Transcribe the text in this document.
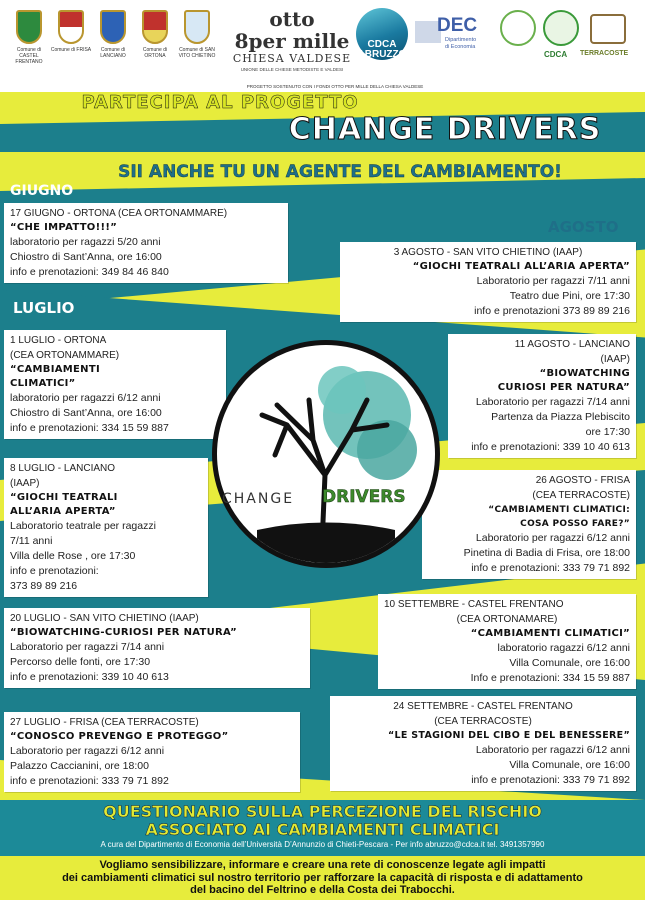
Comune di CASTEL FRENTANO
Comune di FRISA	Comune di LANCIANO
Comune di ORTONA
Comune di SAN VITO CHIETINO
otto
8per mille
CHIESA VALDESE
UNIONE DELLE CHIESE METODISTE E VALDESI
CDCA ABRUZZO
DEC
Dipartimento
di Economia
CDCA TERRACOSTE
PROGETTO SOSTENUTO CON I FONDI OTTO PER MILLE DELLA CHIESA VALDESE
PARTECIPA AL PROGETTO
CHANGE DRIVERS
SII ANCHE TU UN AGENTE DEL CAMBIAMENTO!
GIUGNO
LUGLIO
AGOSTO
17 GIUGNO - ORTONA (CEA ORTONAMMARE)
“CHE IMPATTO!!!”
laboratorio per ragazzi 5/20 anni
Chiostro di Sant’Anna, ore 16:00
info e prenotazioni: 349 84 46 840
1 LUGLIO - ORTONA
(CEA ORTONAMMARE)
“CAMBIAMENTI
CLIMATICI”
laboratorio per ragazzi 6/12 anni
Chiostro di Sant’Anna, ore 16:00
info e prenotazioni: 334 15 59 887
8 LUGLIO - LANCIANO
(IAAP)
“GIOCHI TEATRALI
ALL’ARIA APERTA”
Laboratorio teatrale per ragazzi
7/11 anni
Villa delle Rose , ore 17:30
info e prenotazioni:
373 89 89 216
20 LUGLIO - SAN VITO CHIETINO (IAAP)
“BIOWATCHING-CURIOSI PER NATURA”
Laboratorio per ragazzi 7/14 anni
Percorso delle fonti, ore 17:30
info e prenotazioni: 339 10 40 613
27 LUGLIO - FRISA (CEA TERRACOSTE)
“CONOSCO PREVENGO E PROTEGGO”
Laboratorio per ragazzi 6/12 anni
Palazzo Caccianini, ore 18:00
info e prenotazioni: 333 79 71 892
3 AGOSTO - SAN VITO CHIETINO (IAAP)
“GIOCHI TEATRALI ALL’ARIA APERTA”
Laboratorio per ragazzi 7/11 anni
Teatro due Pini, ore 17:30
info e prenotazioni 373 89 89 216
11 AGOSTO - LANCIANO
(IAAP)
“BIOWATCHING
CURIOSI PER NATURA”
Laboratorio per ragazzi 7/14 anni
Partenza da Piazza Plebiscito
ore 17:30
info e prenotazioni: 339 10 40 613
26 AGOSTO - FRISA
(CEA TERRACOSTE)
“CAMBIAMENTI CLIMATICI:
COSA POSSO FARE?”
Laboratorio per ragazzi 6/12 anni
Pinetina di Badia di Frisa, ore 18:00
info e prenotazioni: 333 79 71 892
10 SETTEMBRE - CASTEL FRENTANO
(CEA ORTONAMARE)
“CAMBIAMENTI CLIMATICI”
laboratorio ragazzi 6/12 anni
Villa Comunale, ore 16:00
Info e prenotazioni: 334 15 59 887
24 SETTEMBRE - CASTEL FRENTANO
(CEA TERRACOSTE)
“LE STAGIONI DEL CIBO E DEL BENESSERE”
Laboratorio per ragazzi 6/12 anni
Villa Comunale, ore 16:00
info e prenotazioni: 333 79 71 892
CHANGE DRIVERS
QUESTIONARIO SULLA PERCEZIONE DEL RISCHIO
ASSOCIATO AI CAMBIAMENTI CLIMATICI
A cura del Dipartimento di Economia dell’Università D’Annunzio di Chieti-Pescara - Per info abruzzo@cdca.it tel. 3491357990
Vogliamo sensibilizzare, informare e creare una rete di conoscenze legate agli impatti
dei cambiamenti climatici sul nostro territorio per rafforzare la capacità di risposta e di adattamento
del bacino del Feltrino e della Costa dei Trabocchi.
